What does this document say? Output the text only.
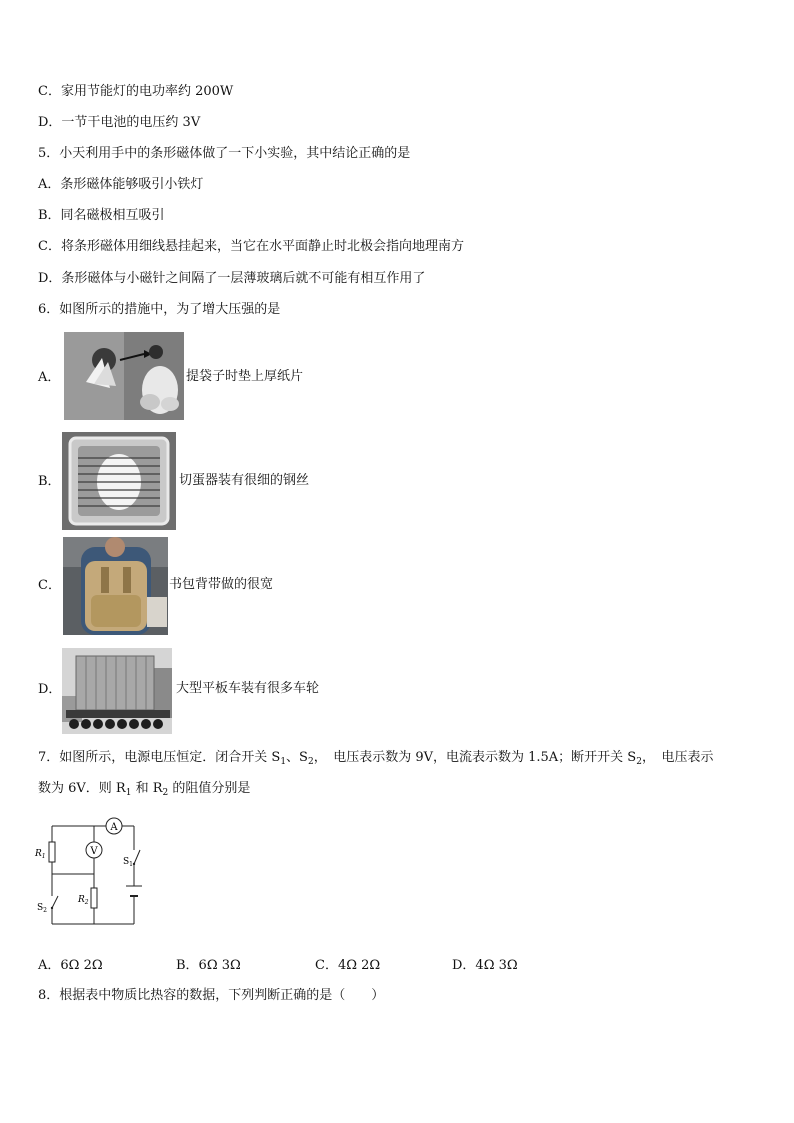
C．家用节能灯的电功率约 200W
D．一节干电池的电压约 3V
5．小天利用手中的条形磁体做了一下小实验，其中结论正确的是
A．条形磁体能够吸引小铁灯
B．同名磁极相互吸引
C．将条形磁体用细线悬挂起来，当它在水平面静止时北极会指向地理南方
D．条形磁体与小磁针之间隔了一层薄玻璃后就不可能有相互作用了
6．如图所示的措施中，为了增大压强的是
A．	提袋子时垫上厚纸片
B．	切蛋器装有很细的钢丝
C．	书包背带做的很宽
D．	大型平板车装有很多车轮
7．如图所示，电源电压恒定．闭合开关 $S_1$、$S_2$，　电压表示数为 9V，电流表示数为 1.5A；断开开关 $S_2$，　电压表示
数为 6V．则 $R_1$ 和 $R_2$ 的阻值分别是
A
V
$R_1$
$R_2$
$S_1$
$S_2$
A．6Ω 2Ω	B．6Ω 3Ω	C．4Ω 2Ω	D．4Ω 3Ω
8．根据表中物质比热容的数据，下列判断正确的是（　　）
